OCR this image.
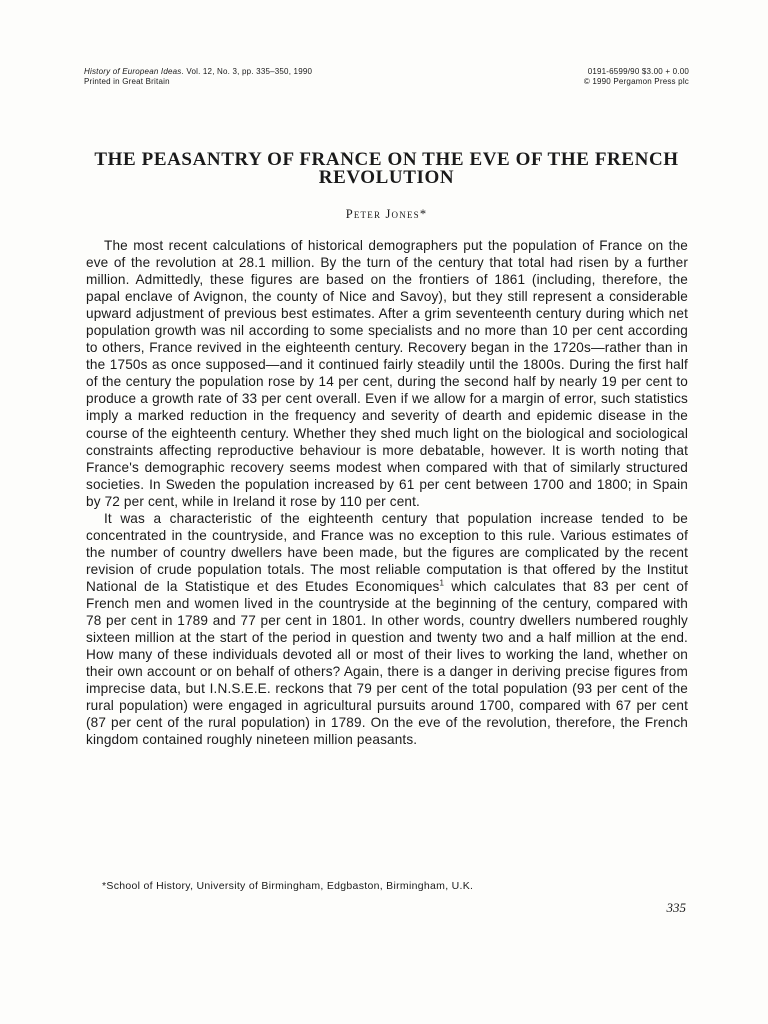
History of European Ideas. Vol. 12, No. 3, pp. 335–350, 1990
Printed in Great Britain
0191-6599/90 $3.00 + 0.00
© 1990 Pergamon Press plc
THE PEASANTRY OF FRANCE ON THE EVE OF THE FRENCH REVOLUTION
Peter Jones*

The most recent calculations of historical demographers put the population of France on the eve of the revolution at 28.1 million. By the turn of the century that total had risen by a further million. Admittedly, these figures are based on the frontiers of 1861 (including, therefore, the papal enclave of Avignon, the county of Nice and Savoy), but they still represent a considerable upward adjustment of previous best estimates. After a grim seventeenth century during which net population growth was nil according to some specialists and no more than 10 per cent according to others, France revived in the eighteenth century. Recovery began in the 1720s—rather than in the 1750s as once supposed—and it continued fairly steadily until the 1800s. During the first half of the century the population rose by 14 per cent, during the second half by nearly 19 per cent to produce a growth rate of 33 per cent overall. Even if we allow for a margin of error, such statistics imply a marked reduction in the frequency and severity of dearth and epidemic disease in the course of the eighteenth century. Whether they shed much light on the biological and sociological constraints affecting reproductive behaviour is more debatable, however. It is worth noting that France's demographic recovery seems modest when compared with that of similarly structured societies. In Sweden the population increased by 61 per cent between 1700 and 1800; in Spain by 72 per cent, while in Ireland it rose by 110 per cent.

It was a characteristic of the eighteenth century that population increase tended to be concentrated in the countryside, and France was no exception to this rule. Various estimates of the number of country dwellers have been made, but the figures are complicated by the recent revision of crude population totals. The most reliable computation is that offered by the Institut National de la Statistique et des Etudes Economiques$^1$ which calculates that 83 per cent of French men and women lived in the countryside at the beginning of the century, compared with 78 per cent in 1789 and 77 per cent in 1801. In other words, country dwellers numbered roughly sixteen million at the start of the period in question and twenty two and a half million at the end. How many of these individuals devoted all or most of their lives to working the land, whether on their own account or on behalf of others? Again, there is a danger in deriving precise figures from imprecise data, but I.N.S.E.E. reckons that 79 per cent of the total population (93 per cent of the rural population) were engaged in agricultural pursuits around 1700, compared with 67 per cent (87 per cent of the rural population) in 1789. On the eve of the revolution, therefore, the French kingdom contained roughly nineteen million peasants.

*School of History, University of Birmingham, Edgbaston, Birmingham, U.K.
335
